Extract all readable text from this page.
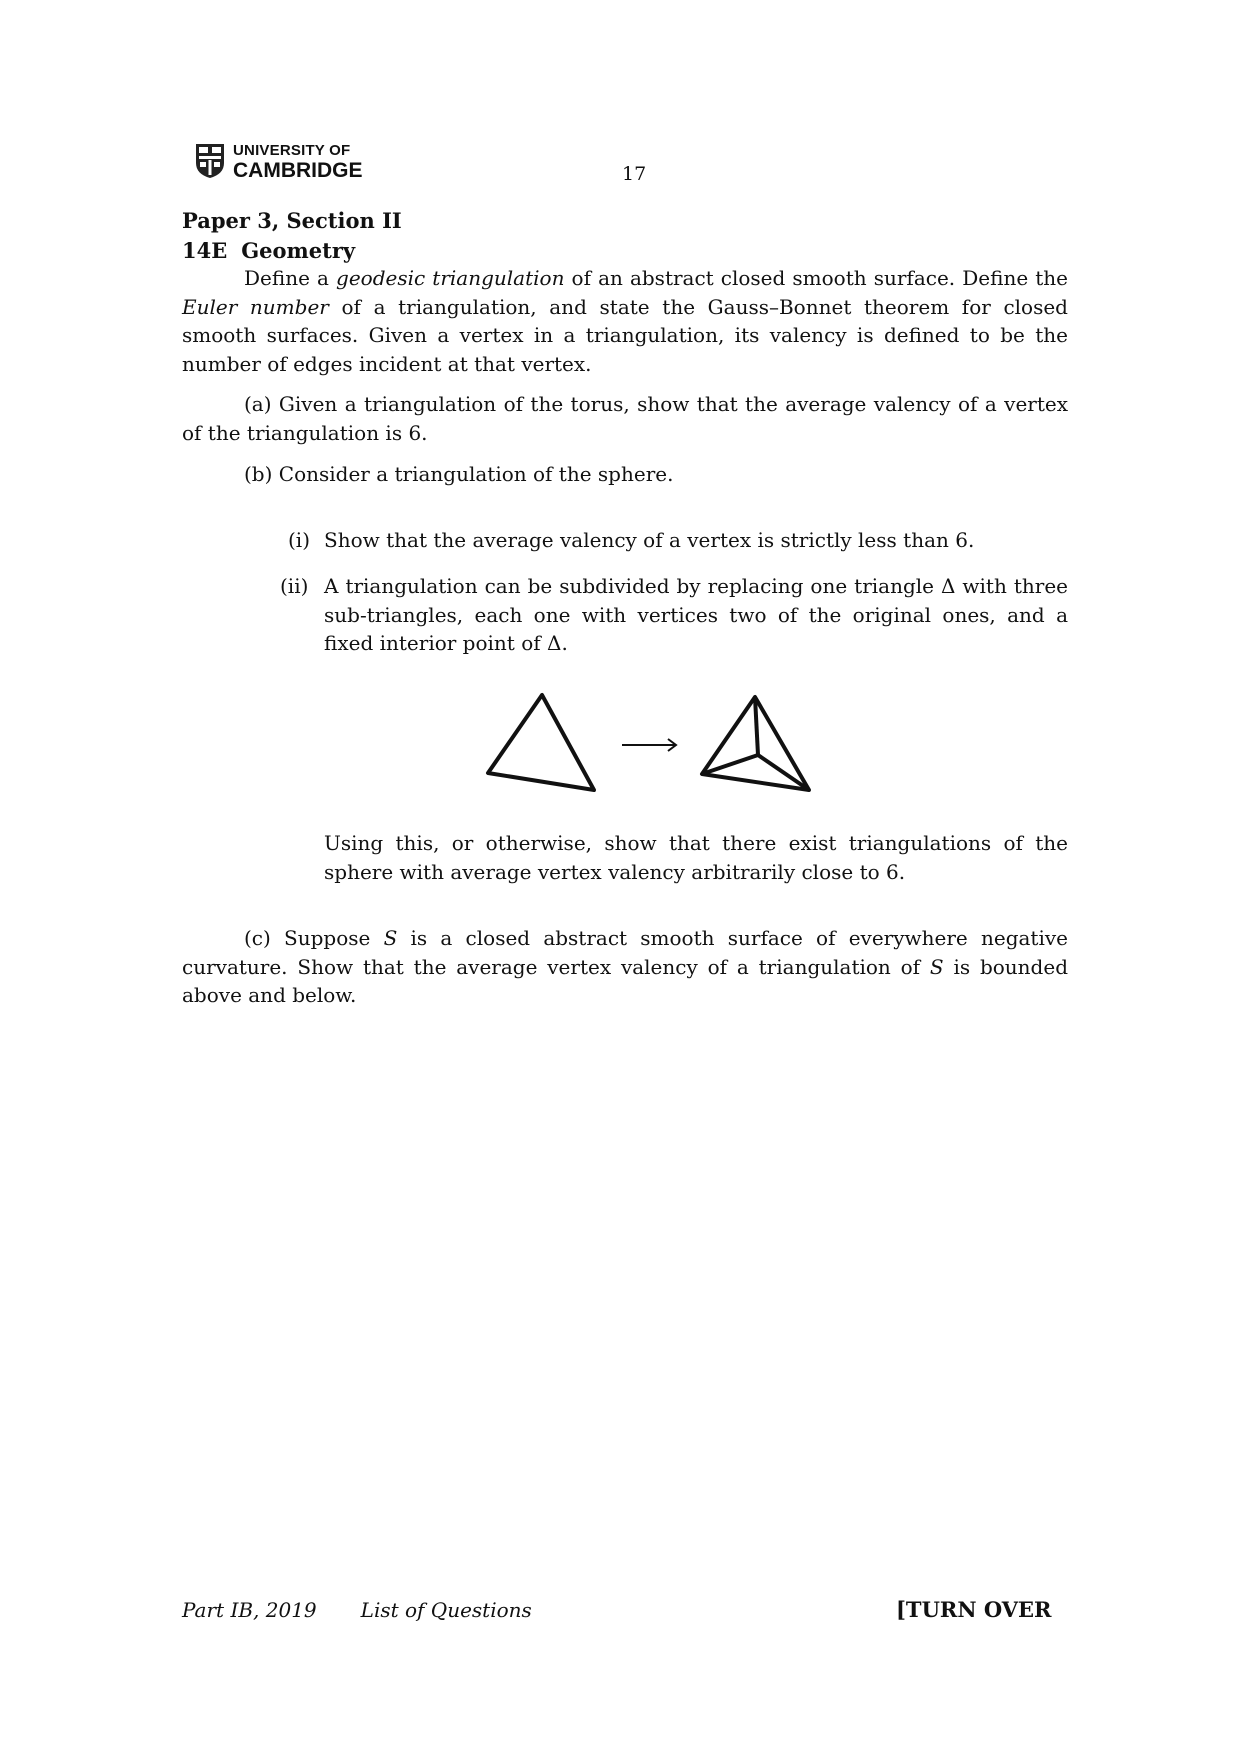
UNIVERSITY OF
CAMBRIDGE	17
Paper 3, Section II
14E Geometry
Define a geodesic triangulation of an abstract closed smooth surface. Define the Euler number of a triangulation, and state the Gauss–Bonnet theorem for closed smooth surfaces. Given a vertex in a triangulation, its valency is defined to be the number of edges incident at that vertex.
(a) Given a triangulation of the torus, show that the average valency of a vertex of the triangulation is 6.
(b) Consider a triangulation of the sphere.
(i) Show that the average valency of a vertex is strictly less than 6.
(ii) A triangulation can be subdivided by replacing one triangle Δ with three sub-triangles, each one with vertices two of the original ones, and a fixed interior point of Δ.
Using this, or otherwise, show that there exist triangulations of the sphere with average vertex valency arbitrarily close to 6.
(c) Suppose S is a closed abstract smooth surface of everywhere negative curvature. Show that the average vertex valency of a triangulation of S is bounded above and below.
Part IB, 2019 List of Questions	[TURN OVER
